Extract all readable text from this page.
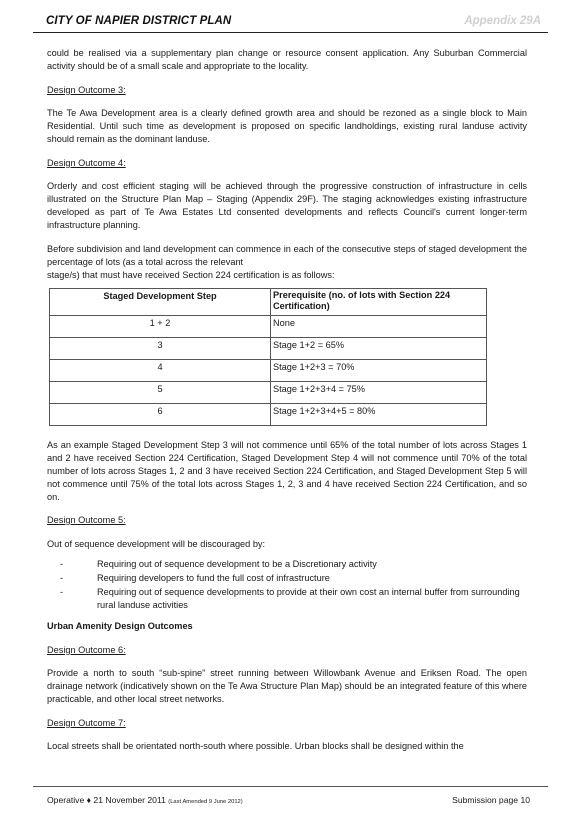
CITY OF NAPIER DISTRICT PLAN	Appendix 29A

could be realised via a supplementary plan change or resource consent application. Any Suburban Commercial activity should be of a small scale and appropriate to the locality.

Design Outcome 3:

The Te Awa Development area is a clearly defined growth area and should be rezoned as a single block to Main Residential. Until such time as development is proposed on specific landholdings, existing rural landuse activity should remain as the dominant landuse.

Design Outcome 4:

Orderly and cost efficient staging will be achieved through the progressive construction of infrastructure in cells illustrated on the Structure Plan Map – Staging (Appendix 29F). The staging acknowledges existing infrastructure developed as part of Te Awa Estates Ltd consented developments and reflects Council's current longer-term infrastructure planning.

Before subdivision and land development can commence in each of the consecutive steps of staged development the percentage of lots (as a total across the relevant
stage/s) that must have received Section 224 certification is as follows:

Staged Development Step	Prerequisite (no. of lots with Section 224 Certification)
1 + 2	None
3	Stage 1+2 = 65%
4	Stage 1+2+3 = 70%
5	Stage 1+2+3+4 = 75%
6	Stage 1+2+3+4+5 = 80%

As an example Staged Development Step 3 will not commence until 65% of the total number of lots across Stages 1 and 2 have received Section 224 Certification, Staged Development Step 4 will not commence until 70% of the total number of lots across Stages 1, 2 and 3 have received Section 224 Certification, and Staged Development Step 5 will not commence until 75% of the total lots across Stages 1, 2, 3 and 4 have received Section 224 Certification, and so on.

Design Outcome 5:

Out of sequence development will be discouraged by:

-	Requiring out of sequence development to be a Discretionary activity
-	Requiring developers to fund the full cost of infrastructure
-	Requiring out of sequence developments to provide at their own cost an internal buffer from surrounding rural landuse activities

Urban Amenity Design Outcomes

Design Outcome 6:

Provide a north to south “sub-spine” street running between Willowbank Avenue and Eriksen Road. The open drainage network (indicatively shown on the Te Awa Structure Plan Map) should be an integrated feature of this where practicable, and other local street networks.

Design Outcome 7:

Local streets shall be orientated north-south where possible. Urban blocks shall be designed within the

Operative ♦ 21 November 2011 (Last Amended 9 June 2012)	Submission page 10
